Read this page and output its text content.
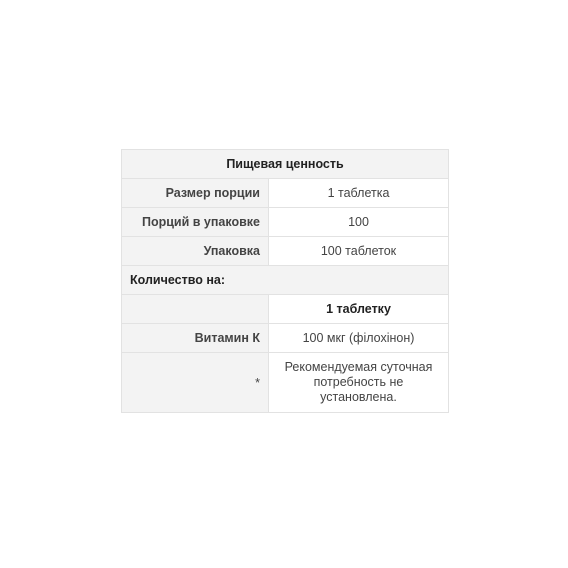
Пищевая ценность	
Размер порции	1 таблетка
Порций в упаковке	100
Упаковка	100 таблеток
Количество на:	
	1 таблетку
Витамин К	100 мкг (філохінон)
*	Рекомендуемая суточная
потребность не
установлена.
